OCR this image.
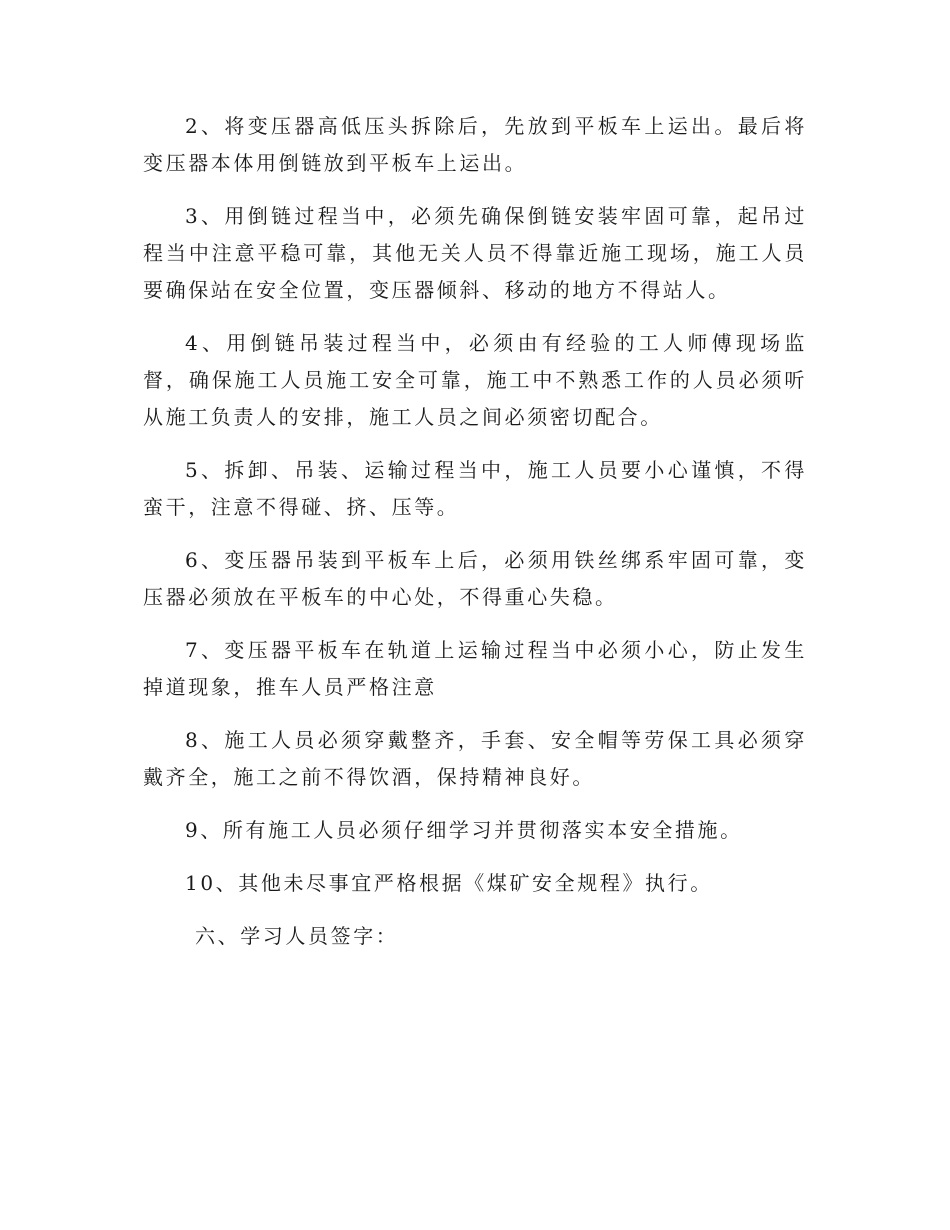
2、将变压器高低压头拆除后，先放到平板车上运出。最后将变压器本体用倒链放到平板车上运出。

3、用倒链过程当中，必须先确保倒链安装牢固可靠，起吊过程当中注意平稳可靠，其他无关人员不得靠近施工现场，施工人员要确保站在安全位置，变压器倾斜、移动的地方不得站人。

4、用倒链吊装过程当中，必须由有经验的工人师傅现场监督，确保施工人员施工安全可靠，施工中不熟悉工作的人员必须听从施工负责人的安排，施工人员之间必须密切配合。

5、拆卸、吊装、运输过程当中，施工人员要小心谨慎，不得蛮干，注意不得碰、挤、压等。

6、变压器吊装到平板车上后，必须用铁丝绑系牢固可靠，变压器必须放在平板车的中心处，不得重心失稳。

7、变压器平板车在轨道上运输过程当中必须小心，防止发生掉道现象，推车人员严格注意

8、施工人员必须穿戴整齐，手套、安全帽等劳保工具必须穿戴齐全，施工之前不得饮酒，保持精神良好。

9、所有施工人员必须仔细学习并贯彻落实本安全措施。

10、其他未尽事宜严格根据《煤矿安全规程》执行。

六、学习人员签字：
